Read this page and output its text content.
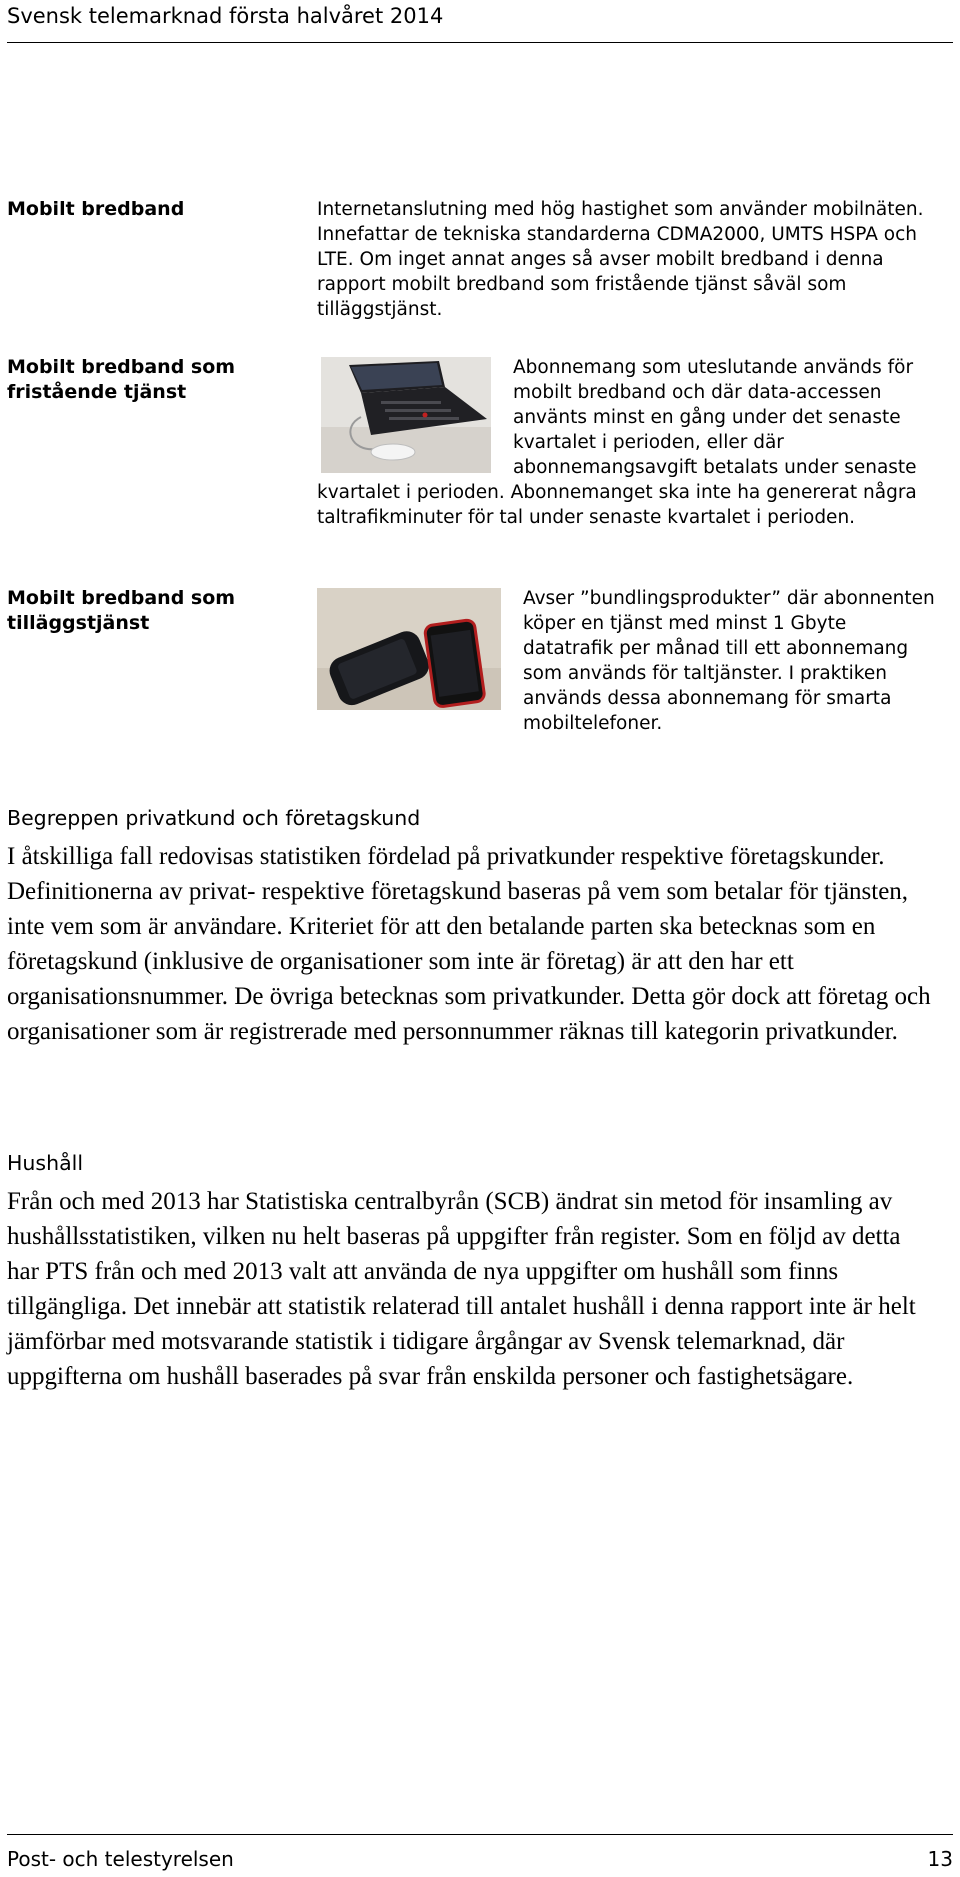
Svensk telemarknad första halvåret 2014
Mobilt bredband	Internetanslutning med hög hastighet som använder mobilnäten. Innefattar de tekniska standarderna CDMA2000, UMTS HSPA och LTE. Om inget annat anges så avser mobilt bredband i denna rapport mobilt bredband som fristående tjänst såväl som tilläggstjänst.
Mobilt bredband som fristående tjänst
Abonnemang som uteslutande används för mobilt bredband och där data-accessen använts minst en gång under det senaste kvartalet i perioden, eller där abonnemangsavgift betalats under senaste kvartalet i perioden. Abonnemanget ska inte ha genererat några taltrafikminuter för tal under senaste kvartalet i perioden.
Mobilt bredband som tilläggstjänst
Avser ”bundlingsprodukter” där abonnenten köper en tjänst med minst 1 Gbyte datatrafik per månad till ett abonnemang som används för taltjänster. I praktiken används dessa abonnemang för smarta mobiltelefoner.
Begreppen privatkund och företagskund
I åtskilliga fall redovisas statistiken fördelad på privatkunder respektive företagskunder. Definitionerna av privat- respektive företagskund baseras på vem som betalar för tjänsten, inte vem som är användare. Kriteriet för att den betalande parten ska betecknas som en företagskund (inklusive de organisationer som inte är företag) är att den har ett organisationsnummer. De övriga betecknas som privatkunder. Detta gör dock att företag och organisationer som är registrerade med personnummer räknas till kategorin privatkunder.
Hushåll
Från och med 2013 har Statistiska centralbyrån (SCB) ändrat sin metod för insamling av hushållsstatistiken, vilken nu helt baseras på uppgifter från register. Som en följd av detta har PTS från och med 2013 valt att använda de nya uppgifter om hushåll som finns tillgängliga. Det innebär att statistik relaterad till antalet hushåll i denna rapport inte är helt jämförbar med motsvarande statistik i tidigare årgångar av Svensk telemarknad, där uppgifterna om hushåll baserades på svar från enskilda personer och fastighetsägare.
Post- och telestyrelsen	13
